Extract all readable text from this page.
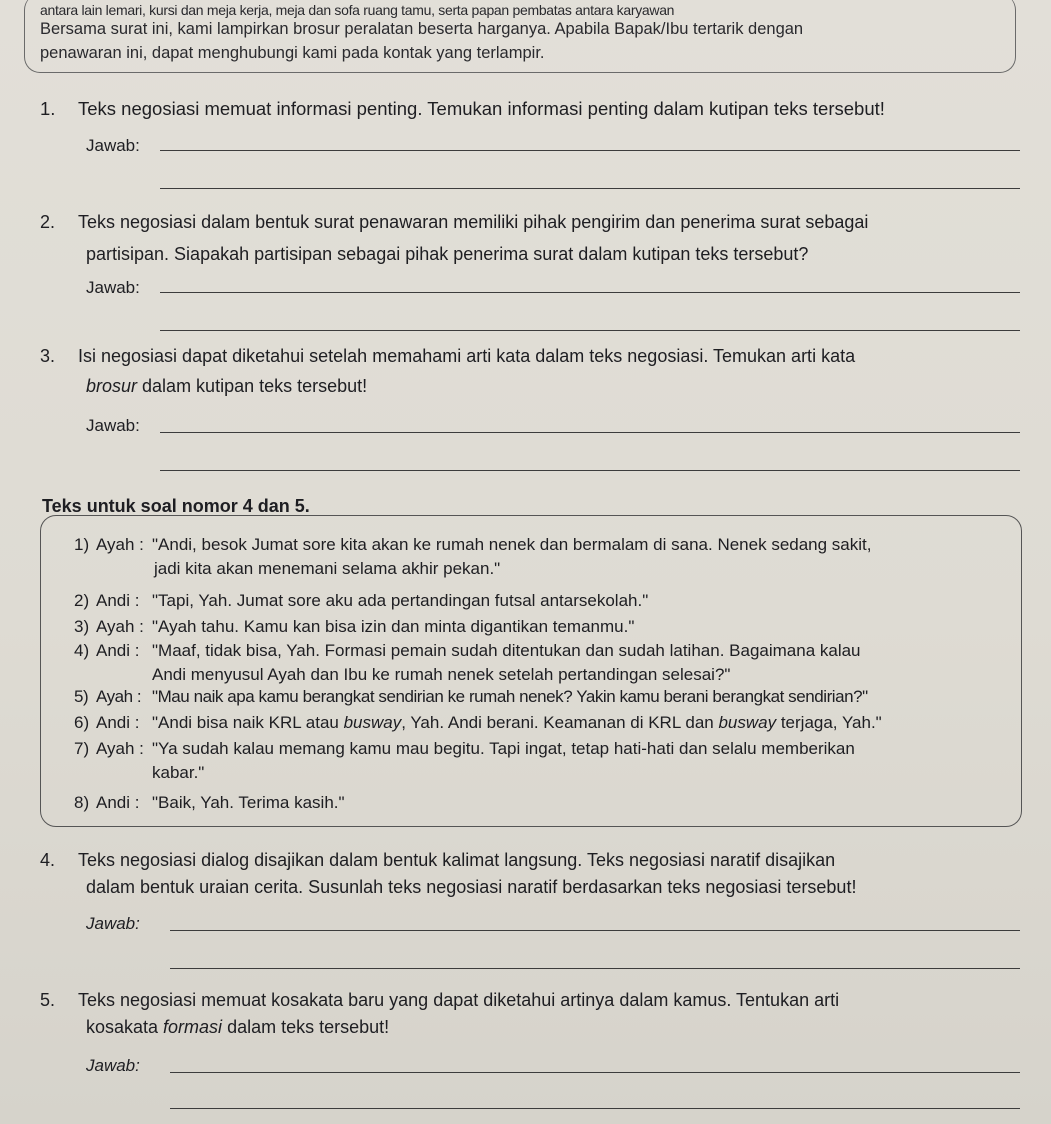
antara lain lemari, kursi dan meja kerja, meja dan sofa ruang tamu, serta papan pembatas antara karyawan
Bersama surat ini, kami lampirkan brosur peralatan beserta harganya. Apabila Bapak/Ibu tertarik dengan
penawaran ini, dapat menghubungi kami pada kontak yang terlampir.
1. Teks negosiasi memuat informasi penting. Temukan informasi penting dalam kutipan teks tersebut!
Jawab:
2. Teks negosiasi dalam bentuk surat penawaran memiliki pihak pengirim dan penerima surat sebagai
partisipan. Siapakah partisipan sebagai pihak penerima surat dalam kutipan teks tersebut?
Jawab:
3. Isi negosiasi dapat diketahui setelah memahami arti kata dalam teks negosiasi. Temukan arti kata
brosur dalam kutipan teks tersebut!
Jawab:
Teks untuk soal nomor 4 dan 5.
1) Ayah : "Andi, besok Jumat sore kita akan ke rumah nenek dan bermalam di sana. Nenek sedang sakit,
jadi kita akan menemani selama akhir pekan."
2) Andi : "Tapi, Yah. Jumat sore aku ada pertandingan futsal antarsekolah."
3) Ayah : "Ayah tahu. Kamu kan bisa izin dan minta digantikan temanmu."
4) Andi : "Maaf, tidak bisa, Yah. Formasi pemain sudah ditentukan dan sudah latihan. Bagaimana kalau
Andi menyusul Ayah dan Ibu ke rumah nenek setelah pertandingan selesai?"
5) Ayah : "Mau naik apa kamu berangkat sendirian ke rumah nenek? Yakin kamu berani berangkat sendirian?"
6) Andi : "Andi bisa naik KRL atau busway, Yah. Andi berani. Keamanan di KRL dan busway terjaga, Yah."
7) Ayah : "Ya sudah kalau memang kamu mau begitu. Tapi ingat, tetap hati-hati dan selalu memberikan
kabar."
8) Andi : "Baik, Yah. Terima kasih."
4. Teks negosiasi dialog disajikan dalam bentuk kalimat langsung. Teks negosiasi naratif disajikan
dalam bentuk uraian cerita. Susunlah teks negosiasi naratif berdasarkan teks negosiasi tersebut!
Jawab:
5. Teks negosiasi memuat kosakata baru yang dapat diketahui artinya dalam kamus. Tentukan arti
kosakata formasi dalam teks tersebut!
Jawab:
